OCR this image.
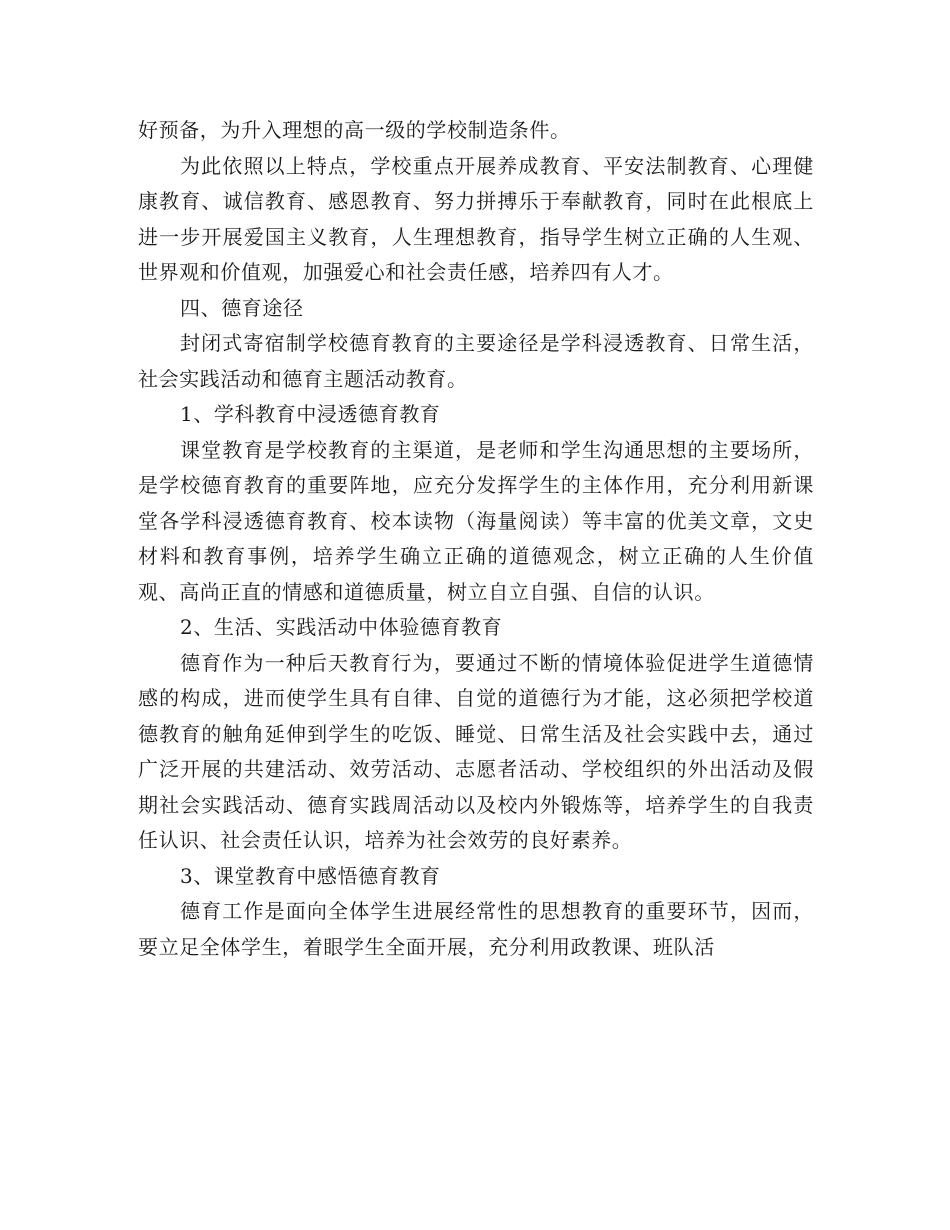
好预备，为升入理想的高一级的学校制造条件。

为此依照以上特点，学校重点开展养成教育、平安法制教育、心理健康教育、诚信教育、感恩教育、努力拼搏乐于奉献教育，同时在此根底上进一步开展爱国主义教育，人生理想教育，指导学生树立正确的人生观、世界观和价值观，加强爱心和社会责任感，培养四有人才。

四、德育途径

封闭式寄宿制学校德育教育的主要途径是学科浸透教育、日常生活，社会实践活动和德育主题活动教育。

1、学科教育中浸透德育教育

课堂教育是学校教育的主渠道，是老师和学生沟通思想的主要场所，是学校德育教育的重要阵地，应充分发挥学生的主体作用，充分利用新课堂各学科浸透德育教育、校本读物（海量阅读）等丰富的优美文章，文史材料和教育事例，培养学生确立正确的道德观念，树立正确的人生价值观、高尚正直的情感和道德质量，树立自立自强、自信的认识。

2、生活、实践活动中体验德育教育

德育作为一种后天教育行为，要通过不断的情境体验促进学生道德情感的构成，进而使学生具有自律、自觉的道德行为才能，这必须把学校道德教育的触角延伸到学生的吃饭、睡觉、日常生活及社会实践中去，通过广泛开展的共建活动、效劳活动、志愿者活动、学校组织的外出活动及假期社会实践活动、德育实践周活动以及校内外锻炼等，培养学生的自我责任认识、社会责任认识，培养为社会效劳的良好素养。

3、课堂教育中感悟德育教育

德育工作是面向全体学生进展经常性的思想教育的重要环节，因而，要立足全体学生，着眼学生全面开展，充分利用政教课、班队活
